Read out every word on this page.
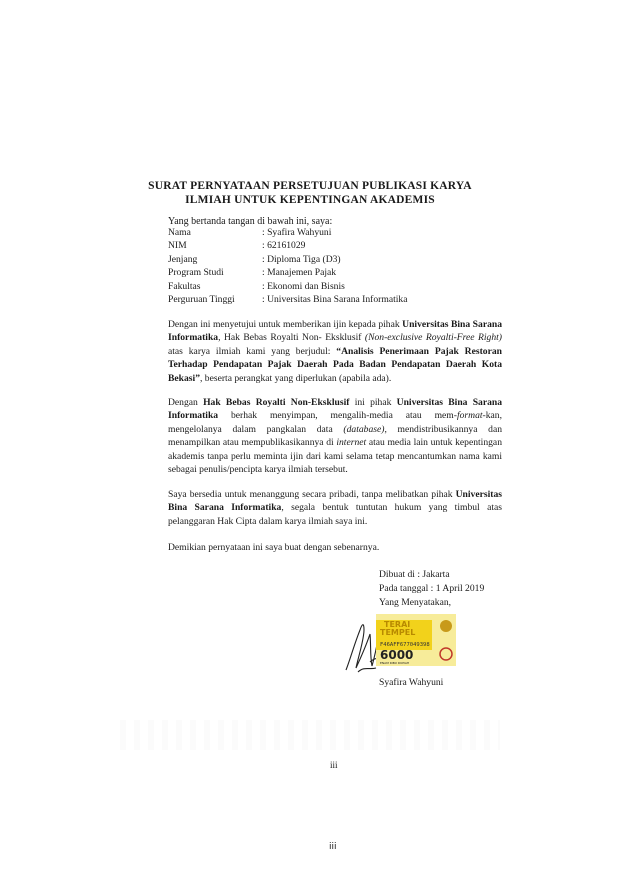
SURAT PERNYATAAN PERSETUJUAN PUBLIKASI KARYA
ILMIAH UNTUK KEPENTINGAN AKADEMIS
Yang bertanda tangan di bawah ini, saya:
Nama	: Syafira Wahyuni
NIM	: 62161029
Jenjang	: Diploma Tiga (D3)
Program Studi	: Manajemen Pajak
Fakultas	: Ekonomi dan Bisnis
Perguruan Tinggi	: Universitas Bina Sarana Informatika
Dengan ini menyetujui untuk memberikan ijin kepada pihak Universitas Bina Sarana Informatika, Hak Bebas Royalti Non- Eksklusif (Non-exclusive Royalti-Free Right) atas karya ilmiah kami yang berjudul: “Analisis Penerimaan Pajak Restoran Terhadap Pendapatan Pajak Daerah Pada Badan Pendapatan Daerah Kota Bekasi”, beserta perangkat yang diperlukan (apabila ada).
Dengan Hak Bebas Royalti Non-Eksklusif ini pihak Universitas Bina Sarana Informatika berhak menyimpan, mengalih-media atau mem-format-kan, mengelolanya dalam pangkalan data (database), mendistribusikannya dan menampilkan atau mempublikasikannya di internet atau media lain untuk kepentingan akademis tanpa perlu meminta ijin dari kami selama tetap mencantumkan nama kami sebagai penulis/pencipta karya ilmiah tersebut.
Saya bersedia untuk menanggung secara pribadi, tanpa melibatkan pihak Universitas Bina Sarana Informatika, segala bentuk tuntutan hukum yang timbul atas pelanggaran Hak Cipta dalam karya ilmiah saya ini.
Demikian pernyataan ini saya buat dengan sebenarnya.
Dibuat di : Jakarta
Pada tanggal : 1 April 2019
Yang Menyatakan,
TERAI
TEMPEL
F46AFF677049398
6000
ENAM RIBU RUPIAH
Syafira Wahyuni
iii
iii
